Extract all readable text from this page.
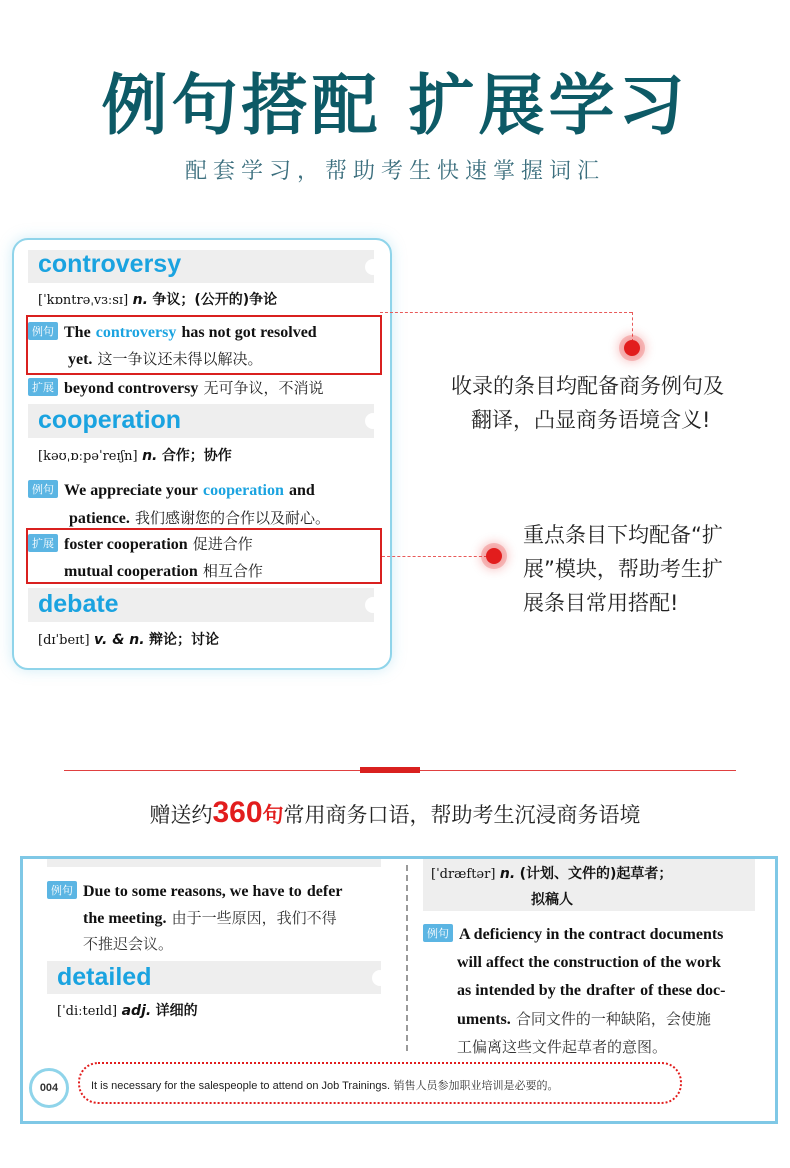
例句搭配 扩展学习
配套学习，帮助考生快速掌握词汇
controversy
[ˈkɒntrəˌvɜːsɪ] n. 争议；(公开的)争论
例句 The controversy has not got resolved
yet. 这一争议还未得以解决。
扩展 beyond controversy 无可争议，不消说
cooperation
[kəʊˌɒːpəˈreɪʃn] n. 合作；协作
例句 We appreciate your cooperation and
patience. 我们感谢您的合作以及耐心。
扩展 foster cooperation 促进合作
mutual cooperation 相互合作
debate
[dɪˈbeɪt] v. & n. 辩论；讨论
收录的条目均配备商务例句及
翻译，凸显商务语境含义!
重点条目下均配备“扩
展”模块，帮助考生扩
展条目常用搭配!
赠送约360句常用商务口语，帮助考生沉浸商务语境
例句 Due to some reasons, we have to defer
the meeting. 由于一些原因，我们不得
不推迟会议。
detailed
[ˈdiːteɪld] adj. 详细的
[ˈdræftər] n. (计划、文件的)起草者；
拟稿人
例句 A deficiency in the contract documents
will affect the construction of the work
as intended by the drafter of these doc-
uments. 合同文件的一种缺陷，会使施
工偏离这些文件起草者的意图。
004	It is necessary for the salespeople to attend on Job Trainings. 销售人员参加职业培训是必要的。
